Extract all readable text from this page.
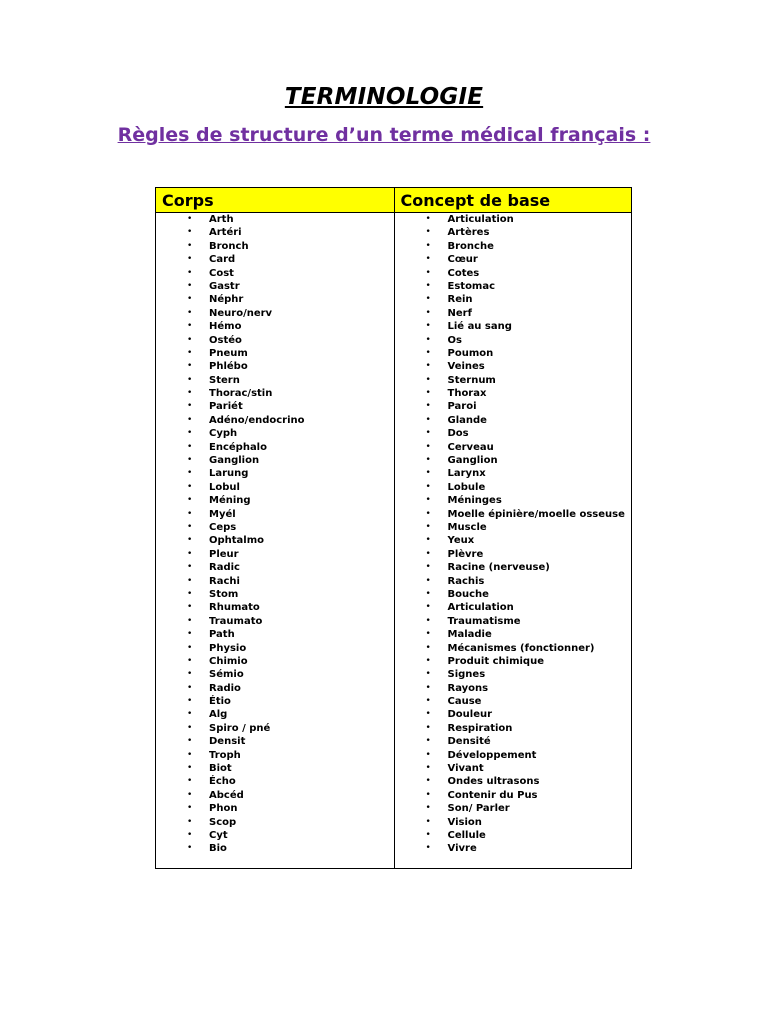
TERMINOLOGIE
Règles de structure d’un terme médical français :
Corps
• Arth
• Artéri
• Bronch
• Card
• Cost
• Gastr
• Néphr
• Neuro/nerv
• Hémo
• Ostéo
• Pneum
• Phlébo
• Stern
• Thorac/stin
• Pariét
• Adéno/endocrino
• Cyph
• Encéphalo
• Ganglion
• Larung
• Lobul
• Méning
• Myél
• Ceps
• Ophtalmo
• Pleur
• Radic
• Rachi
• Stom
• Rhumato
• Traumato
• Path
• Physio
• Chimio
• Sémio
• Radio
• Étio
• Alg
• Spiro / pné
• Densit
• Troph
• Biot
• Écho
• Abcéd
• Phon
• Scop
• Cyt
• Bio
Concept de base
• Articulation
• Artères
• Bronche
• Cœur
• Cotes
• Estomac
• Rein
• Nerf
• Lié au sang
• Os
• Poumon
• Veines
• Sternum
• Thorax
• Paroi
• Glande
• Dos
• Cerveau
• Ganglion
• Larynx
• Lobule
• Méninges
• Moelle épinière/moelle osseuse
• Muscle
• Yeux
• Plèvre
• Racine (nerveuse)
• Rachis
• Bouche
• Articulation
• Traumatisme
• Maladie
• Mécanismes (fonctionner)
• Produit chimique
• Signes
• Rayons
• Cause
• Douleur
• Respiration
• Densité
• Développement
• Vivant
• Ondes ultrasons
• Contenir du Pus
• Son/ Parler
• Vision
• Cellule
• Vivre
